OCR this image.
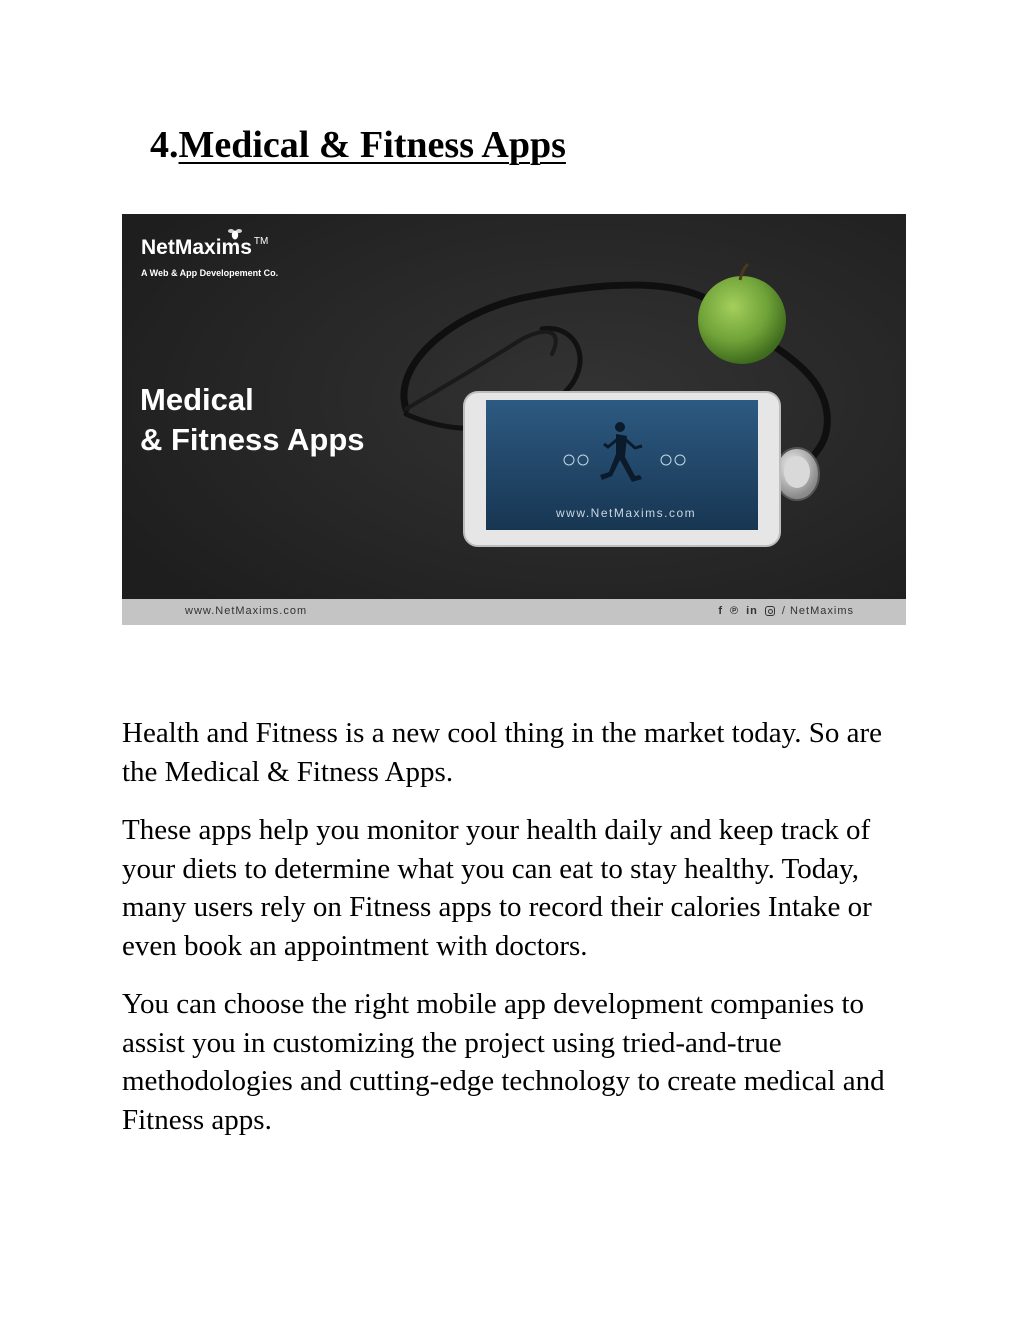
4.Medical & Fitness Apps
NetMaxims ™
A Web & App Developement Co.
Medical
& Fitness Apps
www.NetMaxims.com
www.NetMaxims.com	f ℗ in / NetMaxims

Health and Fitness is a new cool thing in the market today. So are the Medical & Fitness Apps.

These apps help you monitor your health daily and keep track of your diets to determine what you can eat to stay healthy. Today, many users rely on Fitness apps to record their calories Intake or even book an appointment with doctors.

You can choose the right mobile app development companies to assist you in customizing the project using tried-and-true methodologies and cutting-edge technology to create medical and Fitness apps.
